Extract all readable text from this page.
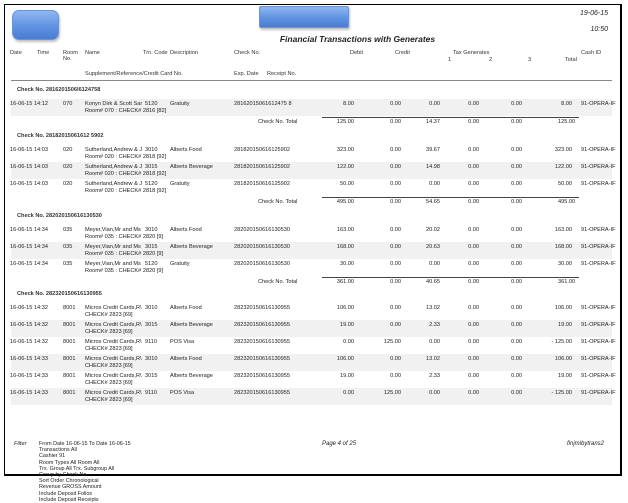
19-06-15
10:50
Financial Transactions with Generates
Date	Time Room No.
Name	Trn. Code Description	Check No.	Debit	Credit	Tax Generates
1	2	3	Total
Cash ID
Supplement/Reference/Credit Card No.	Exp. Date Receipt No.
Check No. 2816201506l6124758
16-06-15 14:12	070 Konyn Dirk & Scott Sar 5120 Gratuity	28162015061612475 8	8.00	0.00	0.00	0.00	0.00	8.00 91-OPERA-IF
Room# 070 : CHECK# 2816 [82]
Check No. Total	125.00	0.00	14.37	0.00	0.00	125.00
Check No. 28182015061612 5902
16-06-15 14:03	020 Sutherland,Andrew & J 3010 Alberts Food	281820150616125902	323.00	0.00	39.67	0.00	0.00	323.00 91-OPERA-IF
Room# 020 : CHECK# 2818 [92]
16-06-15 14:03	020 Sutherland,Andrew & J 3015 Alberts Beverage	281820150616125902	122.00	0.00	14.98	0.00	0.00	122.00 91-OPERA-IF
Room# 020 : CHECK# 2818 [92]
16-06-15 14:03	020 Sutherland,Andrew & J 5120 Gratuity	281820150616125902	50.00	0.00	0.00	0.00	0.00	50.00 91-OPERA-IF
Room# 020 : CHECK# 2818 [92]
Check No. Total	495.00	0.00	54.65	0.00	0.00	495.00
Check No. 282020150616130530
16-06-15 14:34	035 Meyer,Vian,Mr and Ms 3010 Alberts Food	282020150616130530	163.00	0.00	20.02	0.00	0.00	163.00 91-OPERA-IF
Room# 035 : CHECK# 2820 [9]
16-06-15 14:34	035 Meyer,Vian,Mr and Ms 3015 Alberts Beverage	282020150616130530	168.00	0.00	20.63	0.00	0.00	168.00 91-OPERA-IF
Room# 035 : CHECK# 2820 [9]
16-06-15 14:34	035 Meyer,Vian,Mr and Ms 5120 Gratuity	282020150616130530	30.00	0.00	0.00	0.00	0.00	30.00 91-OPERA-IF
Room# 035 : CHECK# 2820 [9]
Check No. Total	361.00	0.00	40.65	0.00	0.00	361.00
Check No. 282320150616130955
16-06-15 14:32	8001 Micros Credit Cards,R\ 3010 Alberts Food	282320150616130955	106.00	0.00	13.02	0.00	0.00	106.00 91-OPERA-IF
CHECK# 2823 [69]
16-06-15 14:32	8001 Micros Credit Cards,R\ 3015 Alberts Beverage	282320150616130955	19.00	0.00	2.33	0.00	0.00	19.00 91-OPERA-IF
CHECK# 2823 [69]
16-06-15 14:32	8001 Micros Credit Cards,R\ 9110 POS Visa	282320150616130955	0.00	125.00	0.00	0.00	0.00	- 125.00 91-OPERA-IF
CHECK# 2823 [69]
16-06-15 14:33	8001 Micros Credit Cards,R\ 3010 Alberts Food	282320150616130955	106.00	0.00	13.02	0.00	0.00	106.00 91-OPERA-IF
CHECK# 2823 [69]
16-06-15 14:33	8001 Micros Credit Cards,R\ 3015 Alberts Beverage	282320150616130955	19.00	0.00	2.33	0.00	0.00	19.00 91-OPERA-IF
CHECK# 2823 [69]
16-06-15 14:33	8001 Micros Credit Cards,R\ 9110 POS Visa	282320150616130955	0.00	125.00	0.00	0.00	0.00	- 125.00 91-OPERA-IF
CHECK# 2823 [69]
Filter From Date 16-06-15 To Date 16-06-15
Transactions All
Cashier 91
Room Types All Room All
Trx. Group All Trx. Subgroup All
Group by Check No.
Sort Order Chronological
Revenue GROSS Amount
Include Deposit Folios
Include Deposit Receipts
Page 4 of 25	finjmibytrans2
